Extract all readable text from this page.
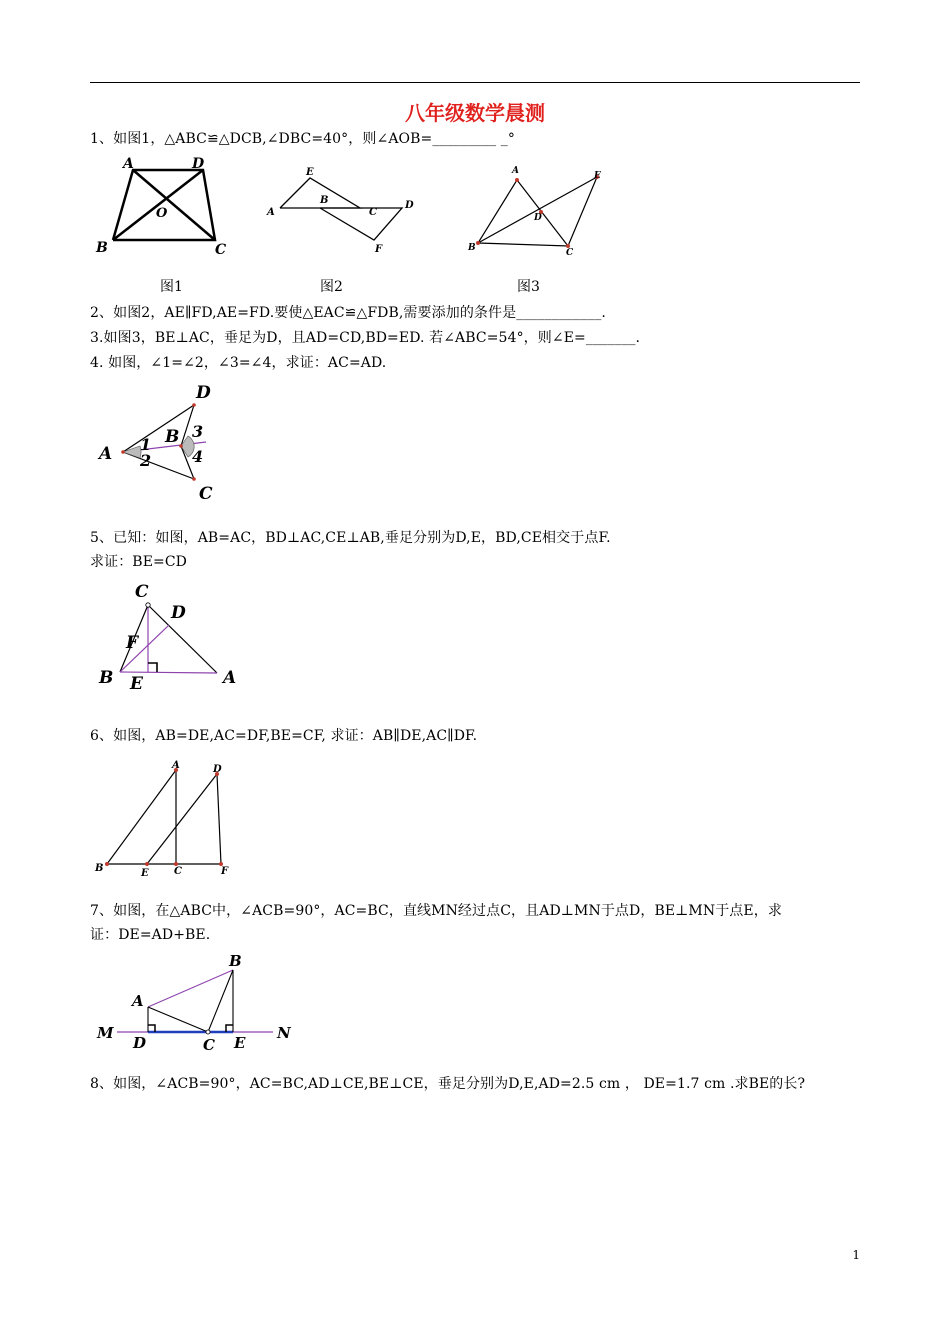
八年级数学晨测
1、如图1，△ABC≌△DCB,∠DBC=40°，则∠AOB=_________ _°
A	D
O
B	C
A
E
B
C
D
F
A	E
D
B	C
图1	图2	图3
2、如图2，AE∥FD,AE=FD.要使△EAC≌△FDB,需要添加的条件是____________.
3.如图3，BE⊥AC，垂足为D，且AD=CD,BD=ED. 若∠ABC=54°，则∠E=_______.
4. 如图，∠1=∠2，∠3=∠4，求证：AC=AD.
D
A
B
C
1
2
3
4
5、已知：如图，AB=AC，BD⊥AC,CE⊥AB,垂足分别为D,E，BD,CE相交于点F.
求证：BE=CD
C
D
F
B E	A
6、如图，AB=DE,AC=DF,BE=CF, 求证：AB∥DE,AC∥DF.
A	D
B	E	C	F
7、如图，在△ABC中，∠ACB=90°，AC=BC，直线MN经过点C，且AD⊥MN于点D，BE⊥MN于点E，求
证：DE=AD+BE.
B
A
M
D	C E
N
8、如图，∠ACB=90°，AC=BC,AD⊥CE,BE⊥CE，垂足分别为D,E,AD=2.5 cm ， DE=1.7 cm .求BE的长?
1
